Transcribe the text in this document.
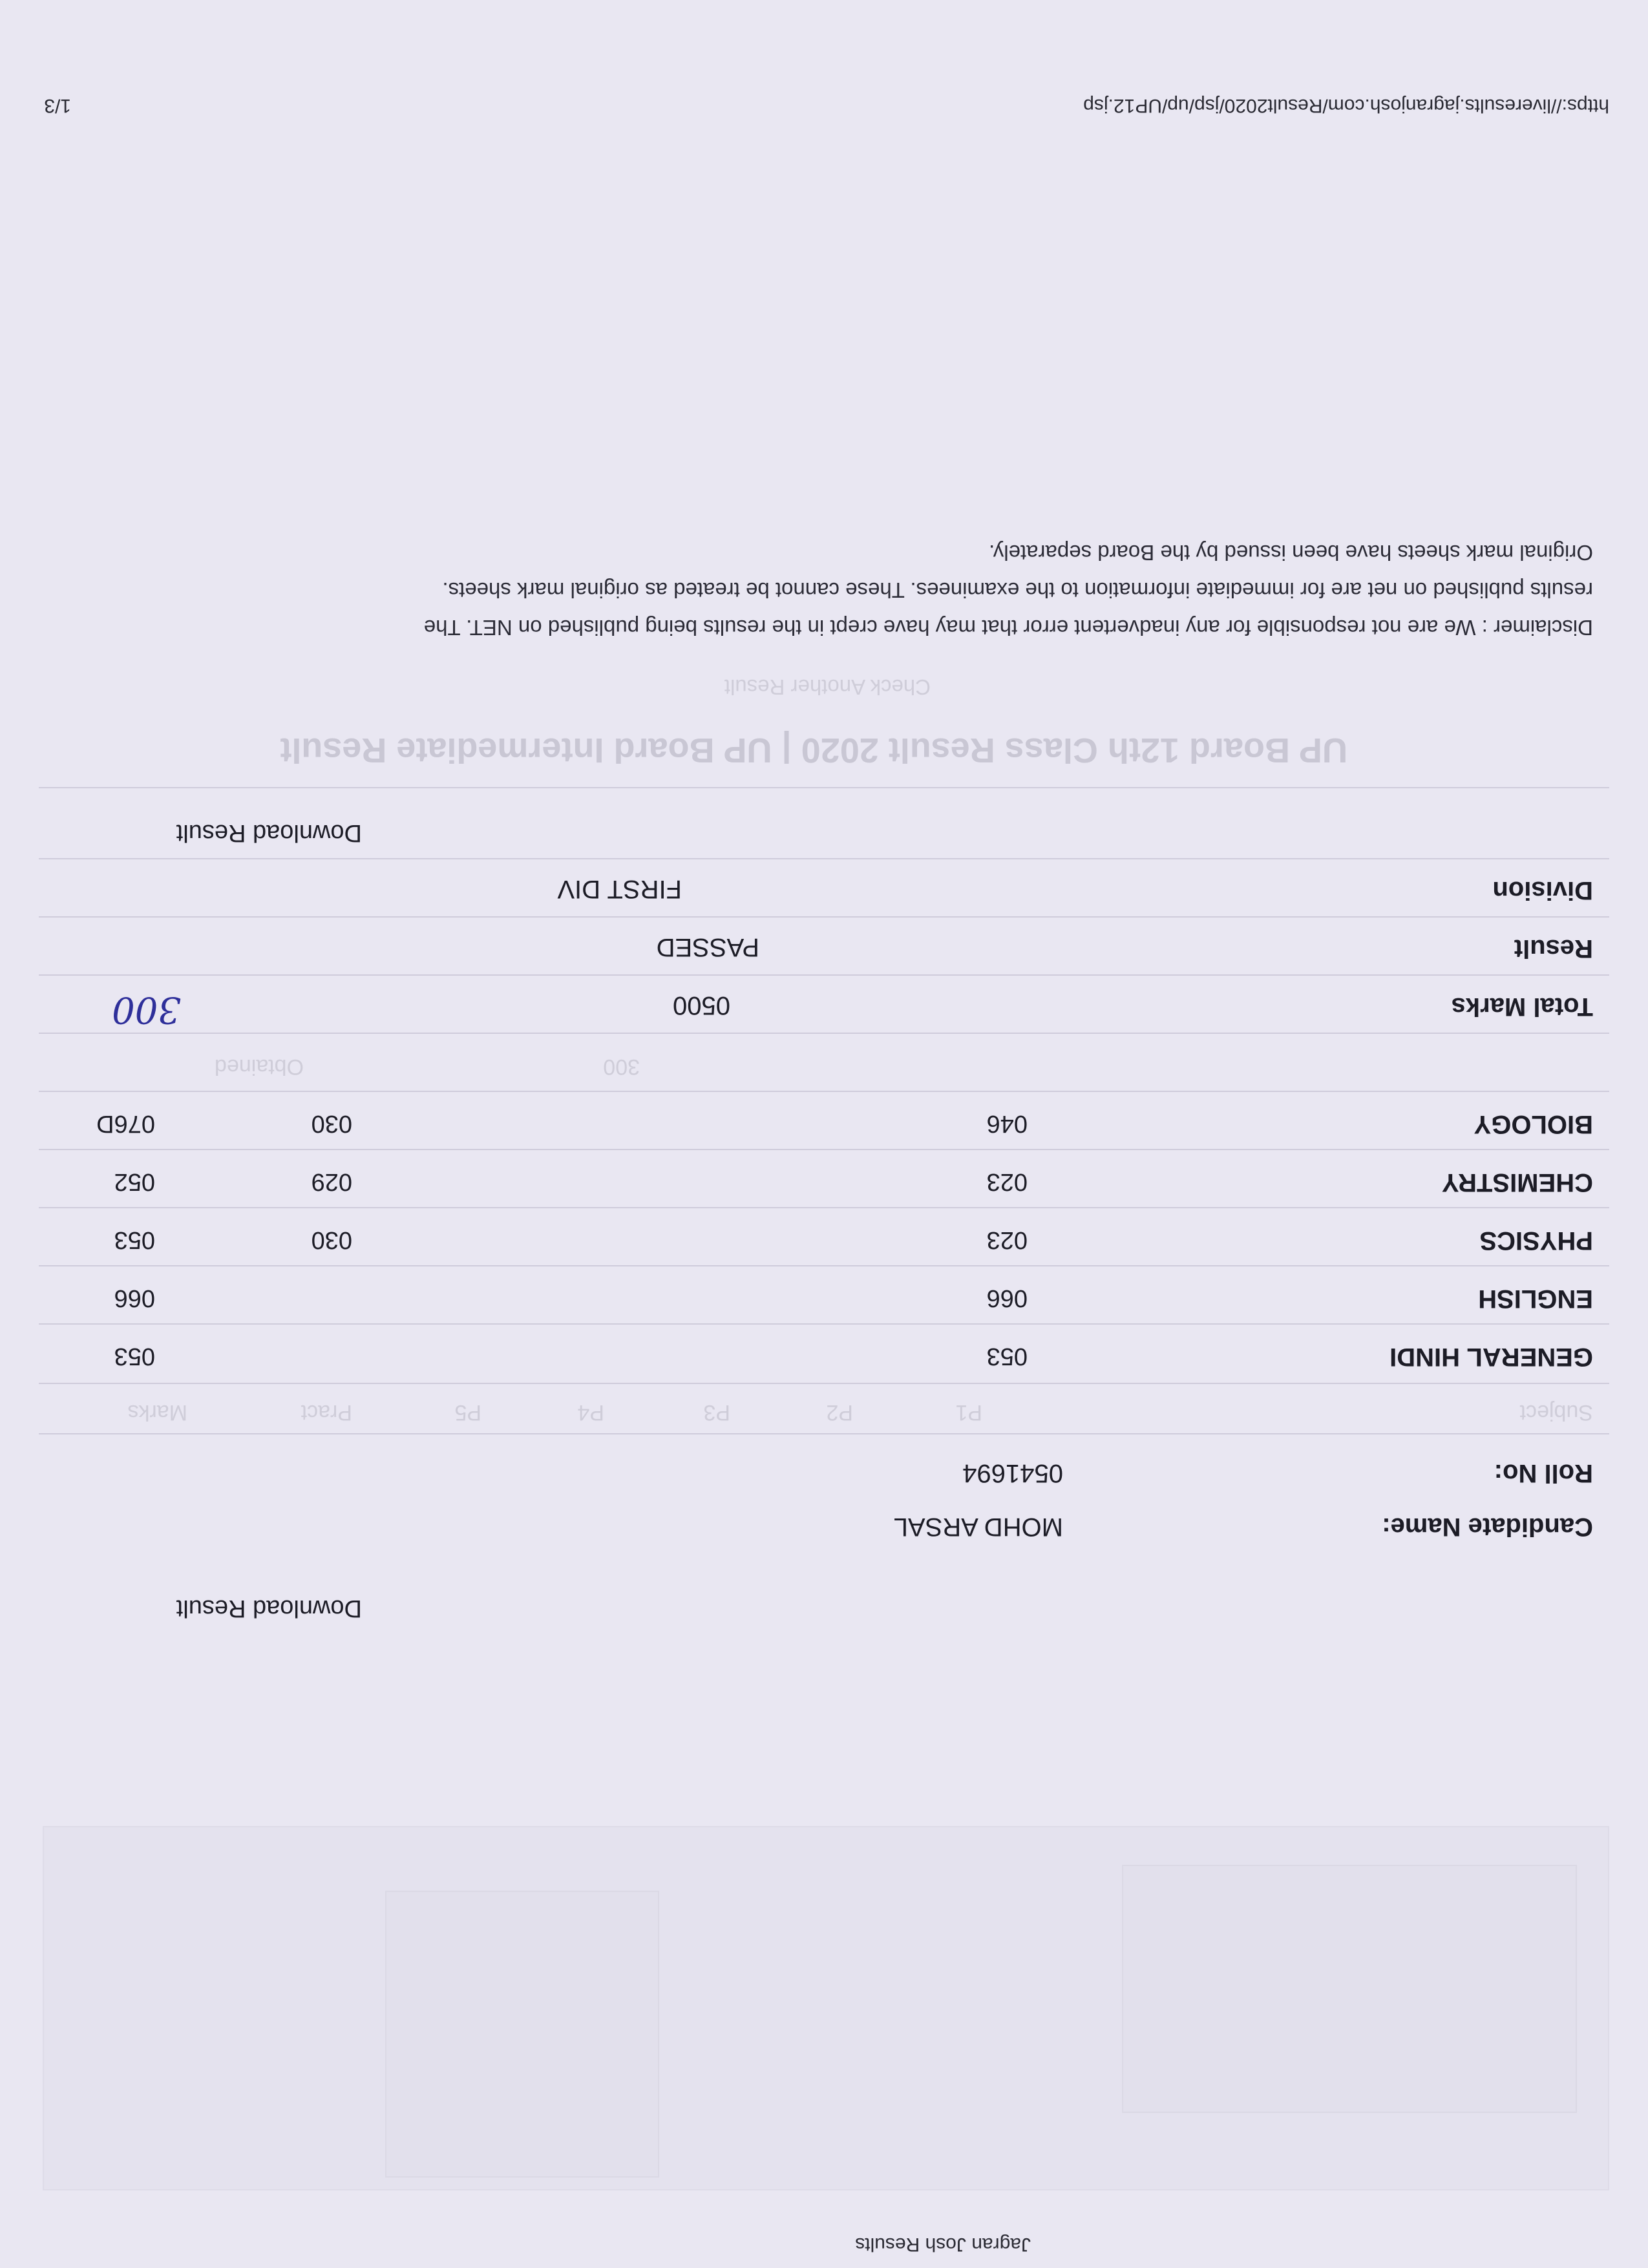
Jagran Josh Results
Download Result
Candidate Name:
MOHD ARSAL
Roll No:
0541694
Subject
P1
P2
P3
P4
P5
Pract
Marks
GENERAL HINDI
053
053
ENGLISH
066
066
PHYSICS
023
030
053
CHEMISTRY
023
029
052
BIOLOGY
046
030
076D
300
Obtained
Total Marks
0500
300
Result
PASSED
Division
FIRST DIV
Download Result
UP Board 12th Class Result 2020 | UP Board Intermediate Result
Check Another Result
Disclaimer : We are not responsible for any inadvertent error that may have crept in the results being published on NET. The
results published on net are for immediate information to the examinees. These cannot be treated as original mark sheets.
Original mark sheets have been issued by the Board separately.
https://liveresults.jagranjosh.com/Result2020/jsp/up/UP12.jsp
1/3
